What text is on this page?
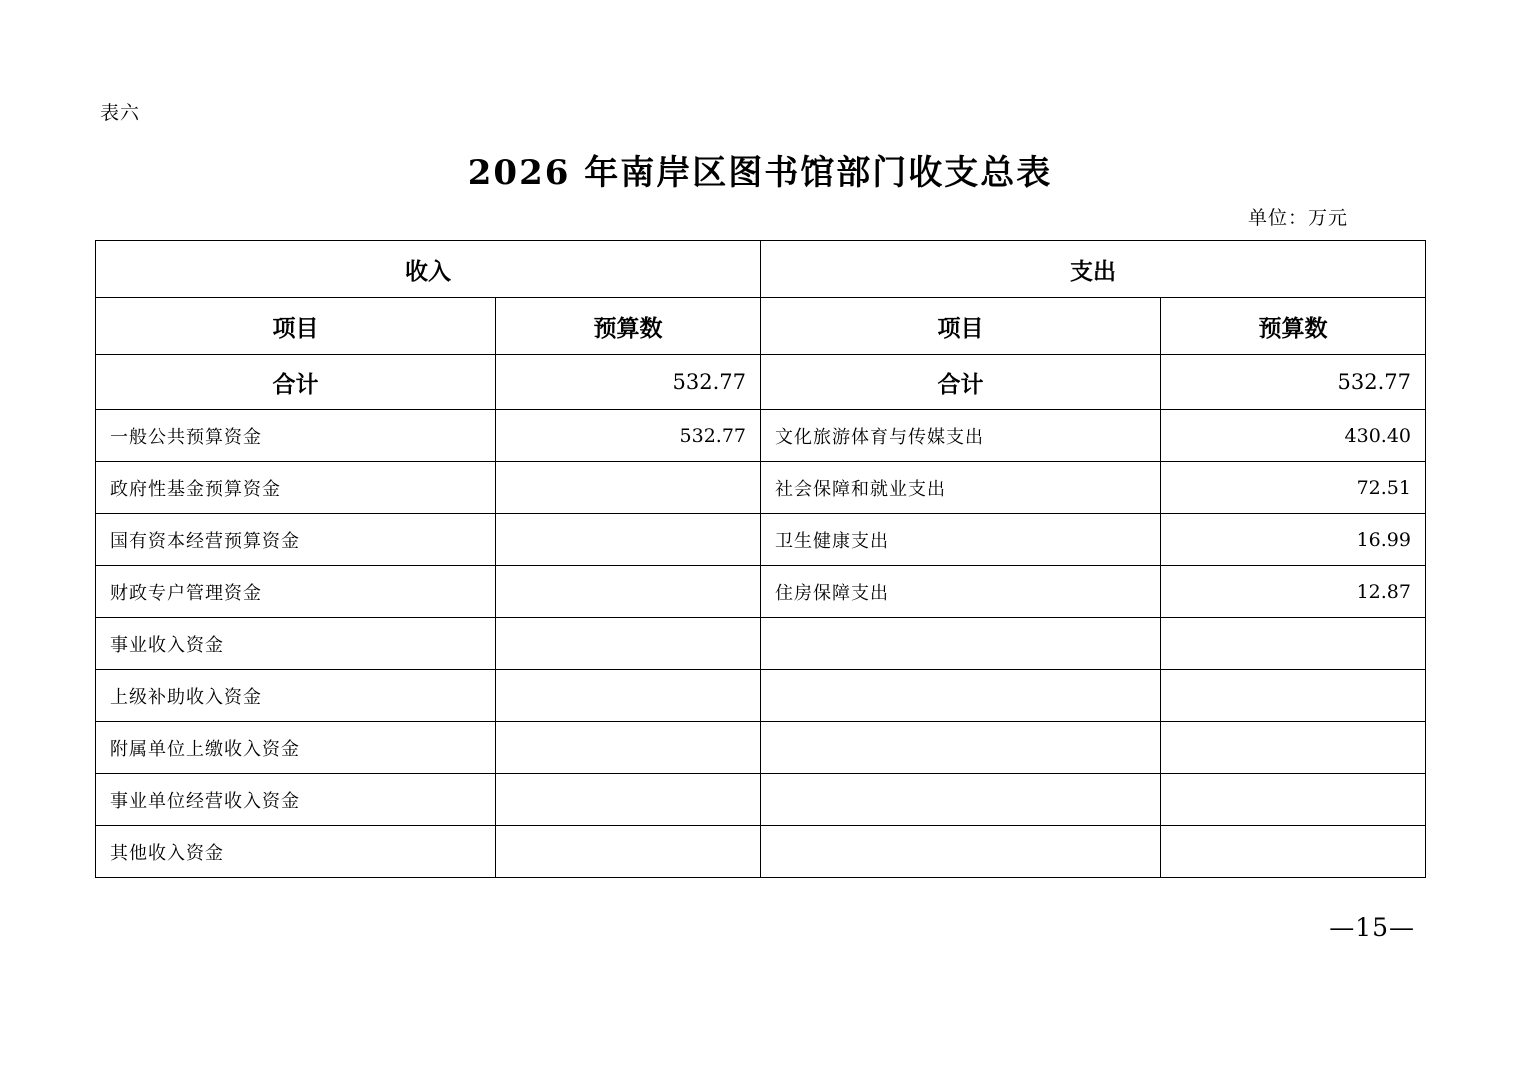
表六
2026 年南岸区图书馆部门收支总表
单位：万元
收入		支出	
项目	预算数	项目	预算数
合计	532.77	合计	532.77
一般公共预算资金	532.77	文化旅游体育与传媒支出	430.40
政府性基金预算资金		社会保障和就业支出	72.51
国有资本经营预算资金		卫生健康支出	16.99
财政专户管理资金		住房保障支出	12.87
事业收入资金			
上级补助收入资金			
附属单位上缴收入资金			
事业单位经营收入资金			
其他收入资金			
—15—
